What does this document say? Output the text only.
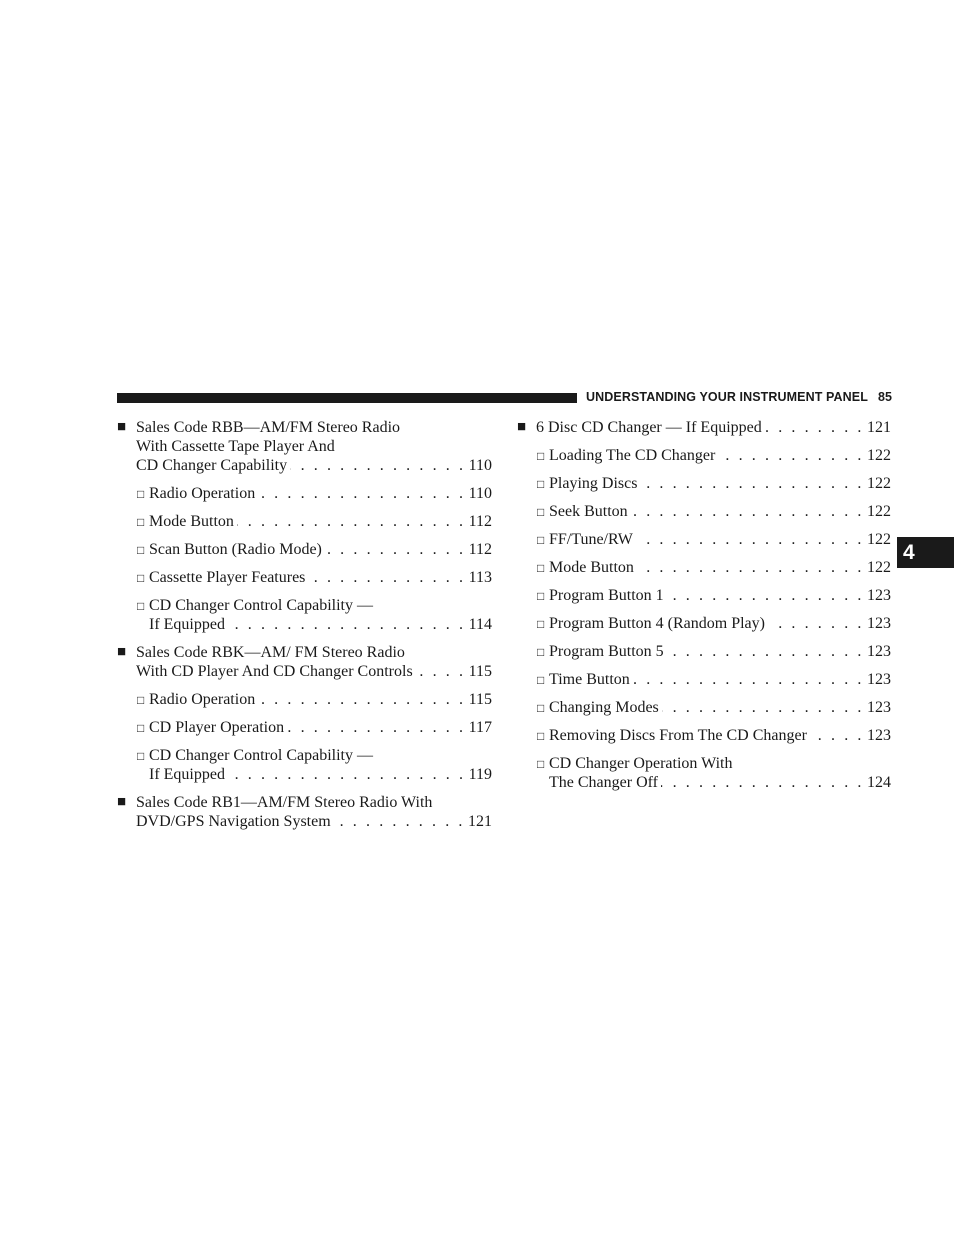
UNDERSTANDING YOUR INSTRUMENT PANEL 85
4
■ Sales Code RBB—AM/FM Stereo Radio
With Cassette Tape Player And
CD Changer Capability . . .	110
□ Radio Operation . . .	110
□ Mode Button . . .	112
□ Scan Button (Radio Mode) . . .	112
□ Cassette Player Features . . .	113
□ CD Changer Control Capability —
If Equipped . . .	114
■ Sales Code RBK—AM/ FM Stereo Radio
With CD Player And CD Changer Controls . . .	115
□ Radio Operation . . .	115
□ CD Player Operation . . .	117
□ CD Changer Control Capability —
If Equipped . . .	119
■ Sales Code RB1—AM/FM Stereo Radio With
DVD/GPS Navigation System . . .	121
■ 6 Disc CD Changer — If Equipped . . .	121
□ Loading The CD Changer . . .	122
□ Playing Discs . . .	122
□ Seek Button . . .	122
□ FF/Tune/RW . . .	122
□ Mode Button . . .	122
□ Program Button 1 . . .	123
□ Program Button 4 (Random Play) . . .	123
□ Program Button 5 . . .	123
□ Time Button . . .	123
□ Changing Modes . . .	123
□ Removing Discs From The CD Changer . . .	123
□ CD Changer Operation With
The Changer Off . . .	124
